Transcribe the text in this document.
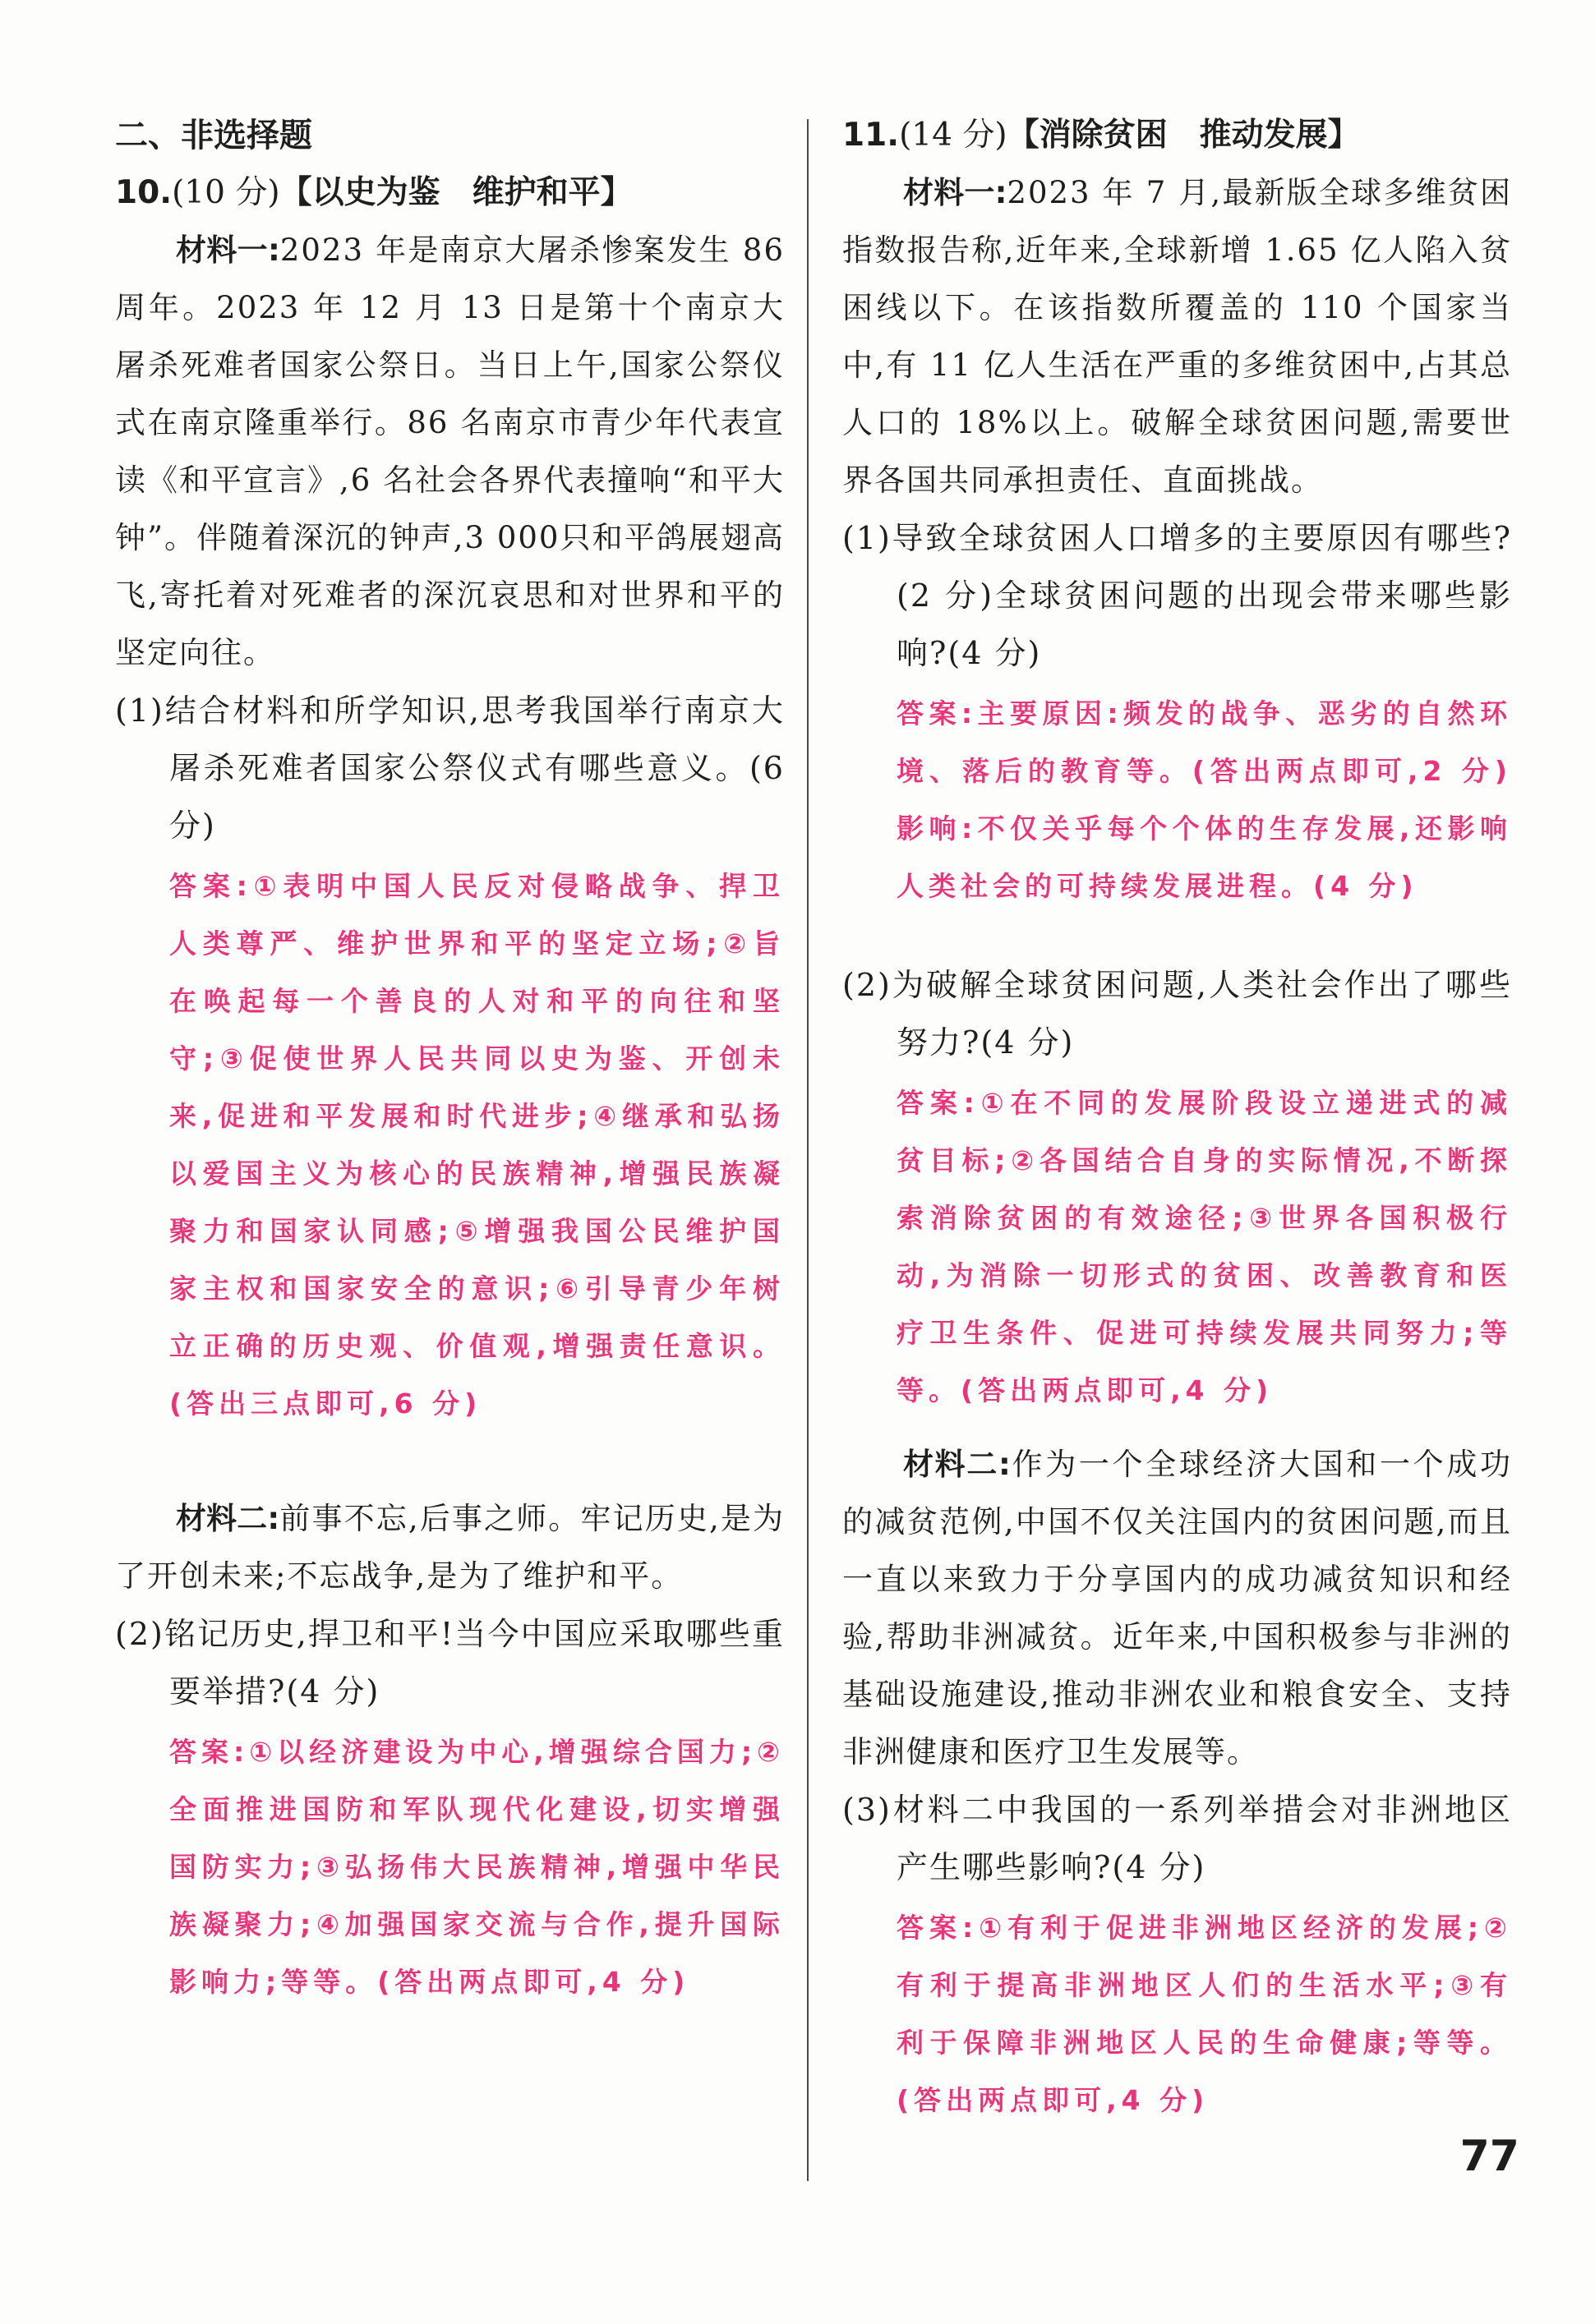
二、非选择题

10.(10 分)【以史为鉴　维护和平】

材料一:2023 年是南京大屠杀惨案发生 86 周年。2023 年 12 月 13 日是第十个南京大屠杀死难者国家公祭日。当日上午,国家公祭仪式在南京隆重举行。86 名南京市青少年代表宣读《和平宣言》,6 名社会各界代表撞响“和平大钟”。伴随着深沉的钟声,3 000只和平鸽展翅高飞,寄托着对死难者的深沉哀思和对世界和平的坚定向往。

(1)结合材料和所学知识,思考我国举行南京大屠杀死难者国家公祭仪式有哪些意义。(6 分)

答案:①表明中国人民反对侵略战争、捍卫人类尊严、维护世界和平的坚定立场;②旨在唤起每一个善良的人对和平的向往和坚守;③促使世界人民共同以史为鉴、开创未来,促进和平发展和时代进步;④继承和弘扬以爱国主义为核心的民族精神,增强民族凝聚力和国家认同感;⑤增强我国公民维护国家主权和国家安全的意识;⑥引导青少年树立正确的历史观、价值观,增强责任意识。(答出三点即可,6 分)

材料二:前事不忘,后事之师。牢记历史,是为了开创未来;不忘战争,是为了维护和平。

(2)铭记历史,捍卫和平!当今中国应采取哪些重要举措?(4 分)

答案:①以经济建设为中心,增强综合国力;②全面推进国防和军队现代化建设,切实增强国防实力;③弘扬伟大民族精神,增强中华民族凝聚力;④加强国家交流与合作,提升国际影响力;等等。(答出两点即可,4 分)

11.(14 分)【消除贫困　推动发展】

材料一:2023 年 7 月,最新版全球多维贫困指数报告称,近年来,全球新增 1.65 亿人陷入贫困线以下。在该指数所覆盖的 110 个国家当中,有 11 亿人生活在严重的多维贫困中,占其总人口的 18%以上。破解全球贫困问题,需要世界各国共同承担责任、直面挑战。

(1)导致全球贫困人口增多的主要原因有哪些?(2 分)全球贫困问题的出现会带来哪些影响?(4 分)

答案:主要原因:频发的战争、恶劣的自然环境、落后的教育等。(答出两点即可,2 分)影响:不仅关乎每个个体的生存发展,还影响人类社会的可持续发展进程。(4 分)

(2)为破解全球贫困问题,人类社会作出了哪些努力?(4 分)

答案:①在不同的发展阶段设立递进式的减贫目标;②各国结合自身的实际情况,不断探索消除贫困的有效途径;③世界各国积极行动,为消除一切形式的贫困、改善教育和医疗卫生条件、促进可持续发展共同努力;等等。(答出两点即可,4 分)

材料二:作为一个全球经济大国和一个成功的减贫范例,中国不仅关注国内的贫困问题,而且一直以来致力于分享国内的成功减贫知识和经验,帮助非洲减贫。近年来,中国积极参与非洲的基础设施建设,推动非洲农业和粮食安全、支持非洲健康和医疗卫生发展等。

(3)材料二中我国的一系列举措会对非洲地区产生哪些影响?(4 分)

答案:①有利于促进非洲地区经济的发展;②有利于提高非洲地区人们的生活水平;③有利于保障非洲地区人民的生命健康;等等。(答出两点即可,4 分)

77
